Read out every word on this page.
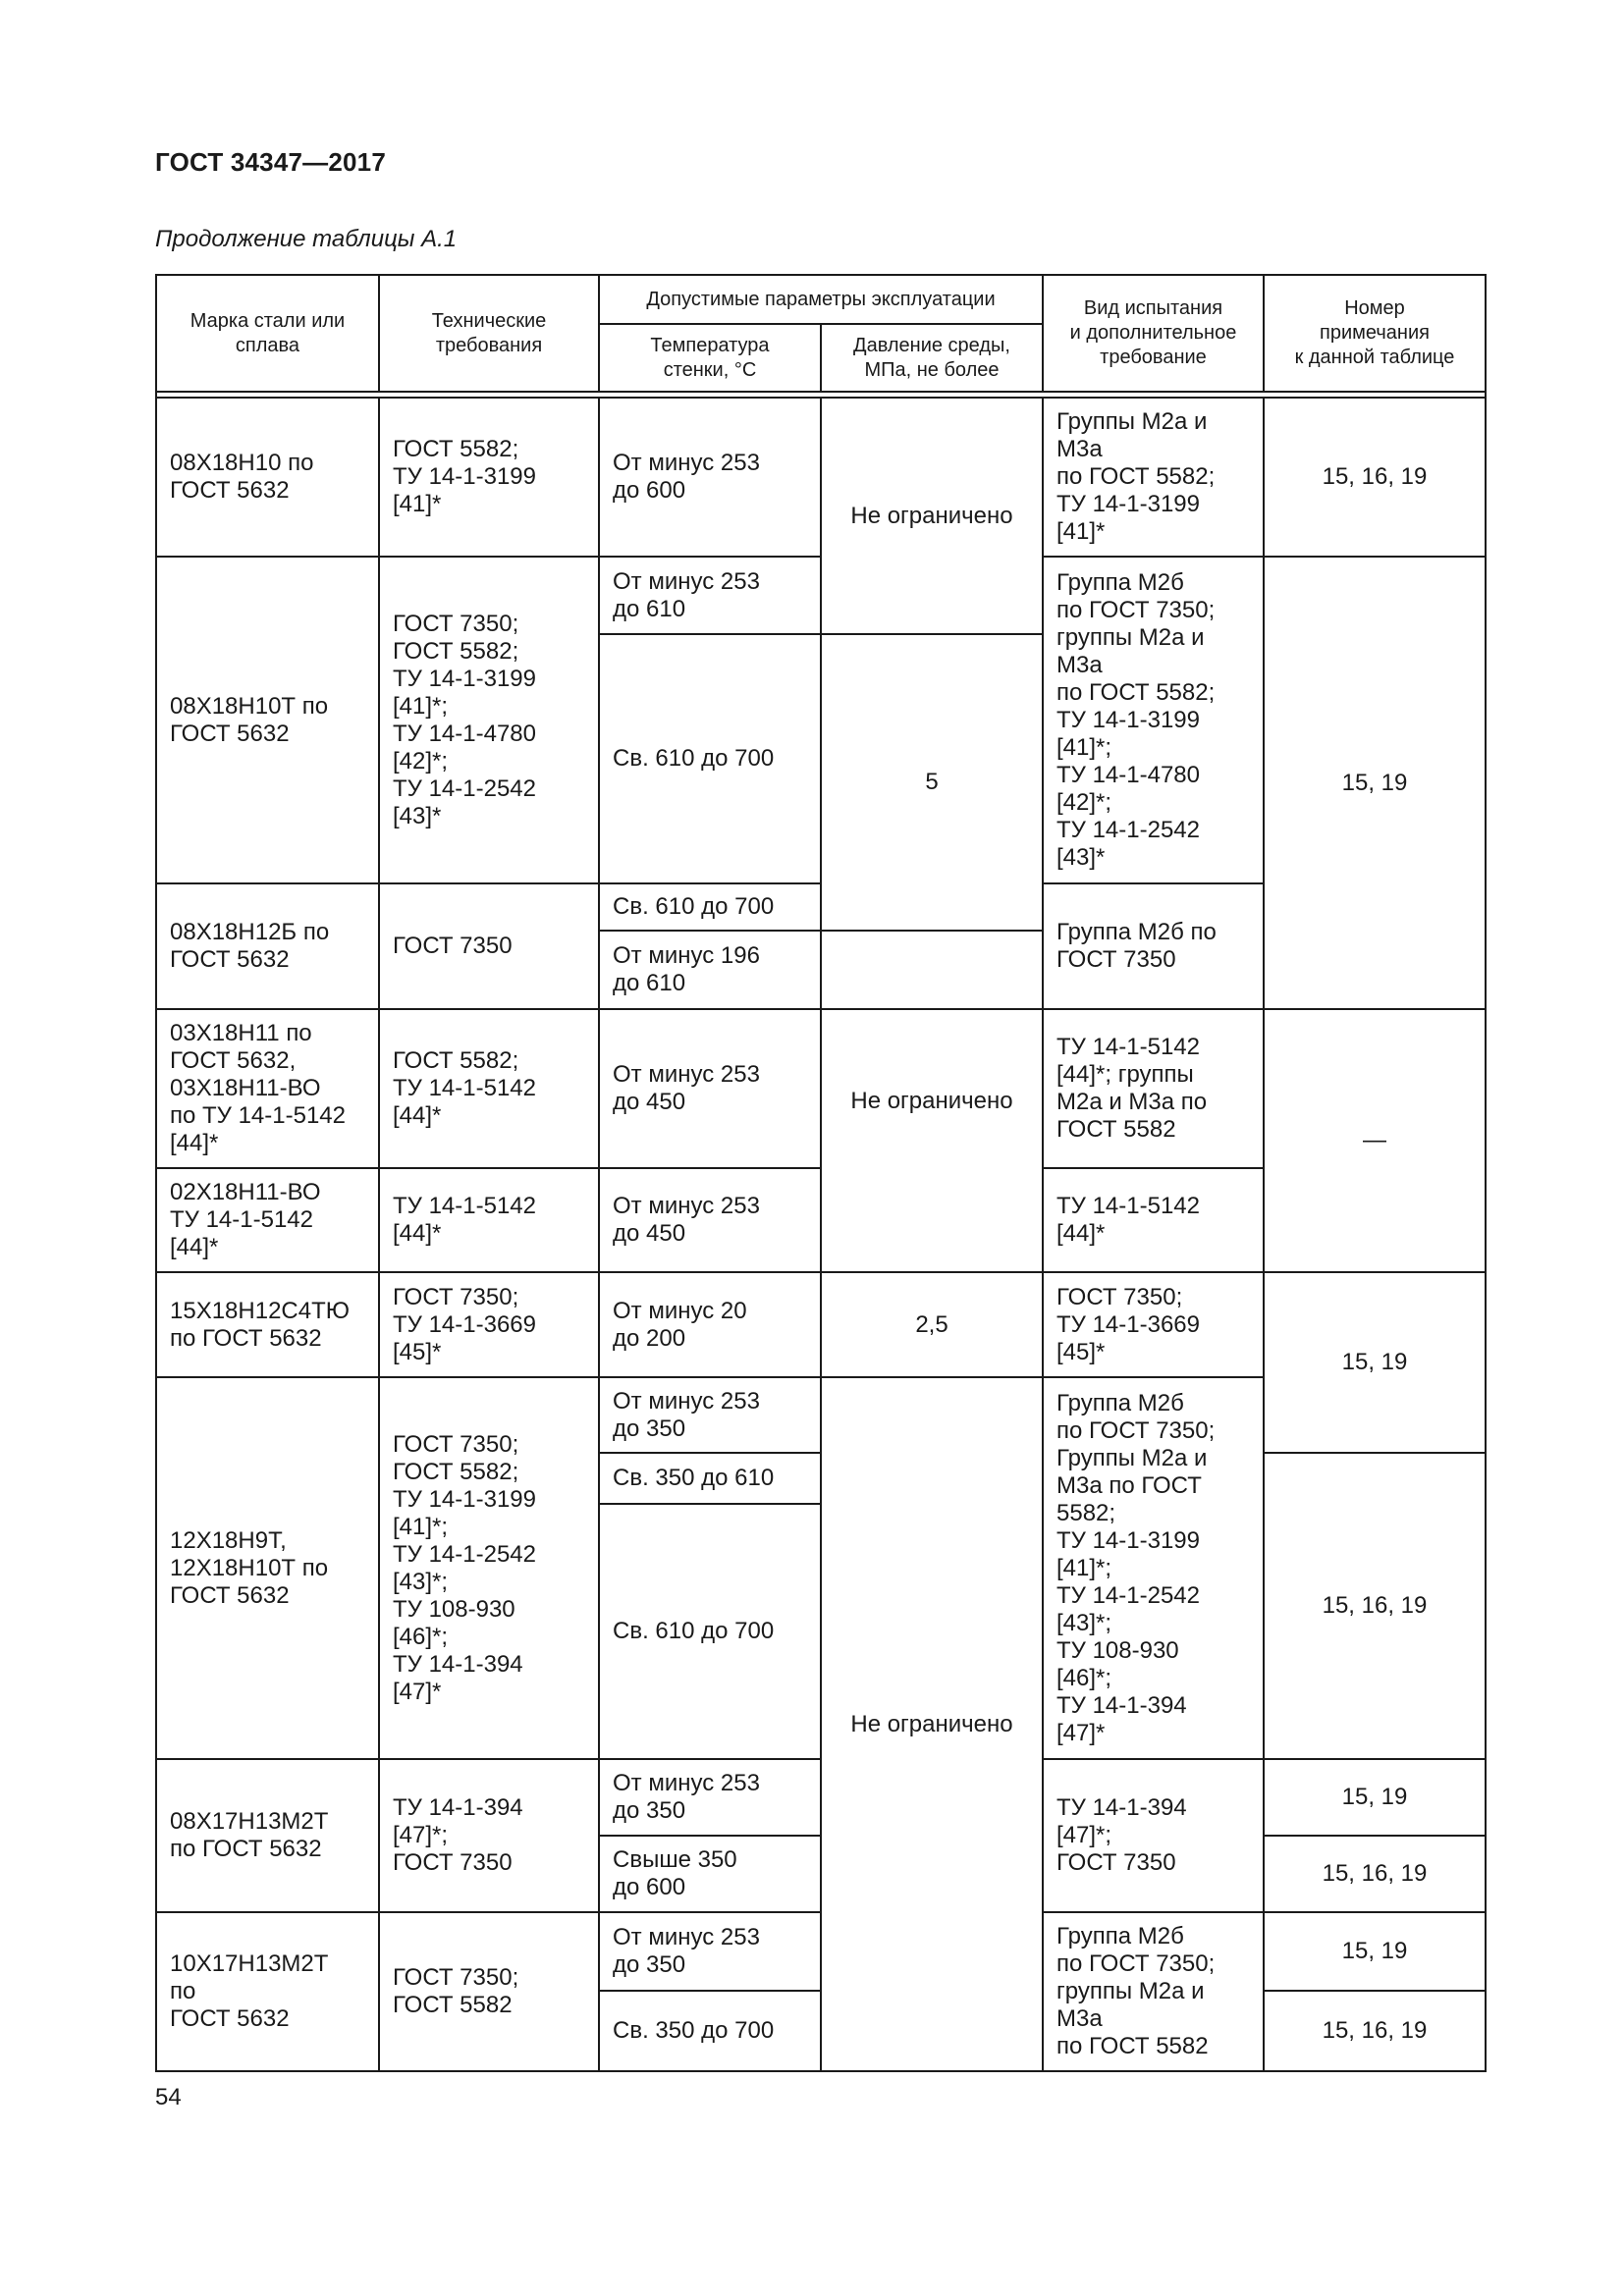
ГОСТ 34347—2017
Продолжение таблицы А.1
Марка стали или
сплава
Технические
требования
Допустимые параметры эксплуатации
Температура
стенки, °С
Давление среды,
МПа, не более
Вид испытания
и дополнительное
требование
Номер
примечания
к данной таблице
08Х18Н10 по
ГОСТ 5632
ГОСТ 5582;
ТУ 14-1-3199
[41]*
От минус 253
до 600
Не ограничено
Группы М2а и
М3а
по ГОСТ 5582;
ТУ 14-1-3199
[41]*
15, 16, 19
08Х18Н10Т по
ГОСТ 5632
ГОСТ 7350;
ГОСТ 5582;
ТУ 14-1-3199
[41]*;
ТУ 14-1-4780
[42]*;
ТУ 14-1-2542
[43]*
От минус 253
до 610
Св. 610 до 700
5
Группа М2б
по ГОСТ 7350;
группы М2а и
М3а
по ГОСТ 5582;
ТУ 14-1-3199
[41]*;
ТУ 14-1-4780
[42]*;
ТУ 14-1-2542
[43]*
15, 19
08Х18Н12Б по
ГОСТ 5632
ГОСТ 7350
Св. 610 до 700
От минус 196
до 610
Группа М2б по
ГОСТ 7350
Не ограничено
03Х18Н11 по
ГОСТ 5632,
03Х18Н11-ВО
по ТУ 14-1-5142
[44]*
ГОСТ 5582;
ТУ 14-1-5142
[44]*
От минус 253
до 450
ТУ 14-1-5142
[44]*; группы
М2а и М3а по
ГОСТ 5582	—
02Х18Н11-ВО
ТУ 14-1-5142
[44]*
ТУ 14-1-5142
[44]*
От минус 253
до 450
ТУ 14-1-5142
[44]*
15Х18Н12С4ТЮ
по ГОСТ 5632
ГОСТ 7350;
ТУ 14-1-3669
[45]*
От минус 20
до 200
2,5
ГОСТ 7350;
ТУ 14-1-3669
[45]*	15, 19
12Х18Н9Т,
12Х18Н10Т по
ГОСТ 5632
ГОСТ 7350;
ГОСТ 5582;
ТУ 14-1-3199
[41]*;
ТУ 14-1-2542
[43]*;
ТУ 108-930
[46]*;
ТУ 14-1-394
[47]*
От минус 253
до 350
Св. 350 до 610
Св. 610 до 700
Не ограничено
Группа М2б
по ГОСТ 7350;
Группы М2а и
М3а по ГОСТ
5582;
ТУ 14-1-3199
[41]*;
ТУ 14-1-2542
[43]*;
ТУ 108-930
[46]*;
ТУ 14-1-394
[47]*
15, 16, 19
08Х17Н13М2Т
по ГОСТ 5632
ТУ 14-1-394
[47]*;
ГОСТ 7350
От минус 253
до 350
Свыше 350
до 600
ТУ 14-1-394
[47]*;
ГОСТ 7350
15, 19
15, 16, 19
10Х17Н13М2Т
по
ГОСТ 5632
ГОСТ 7350;
ГОСТ 5582
От минус 253
до 350
Св. 350 до 700
Группа М2б
по ГОСТ 7350;
группы М2а и
М3а
по ГОСТ 5582
15, 19
15, 16, 19
54
